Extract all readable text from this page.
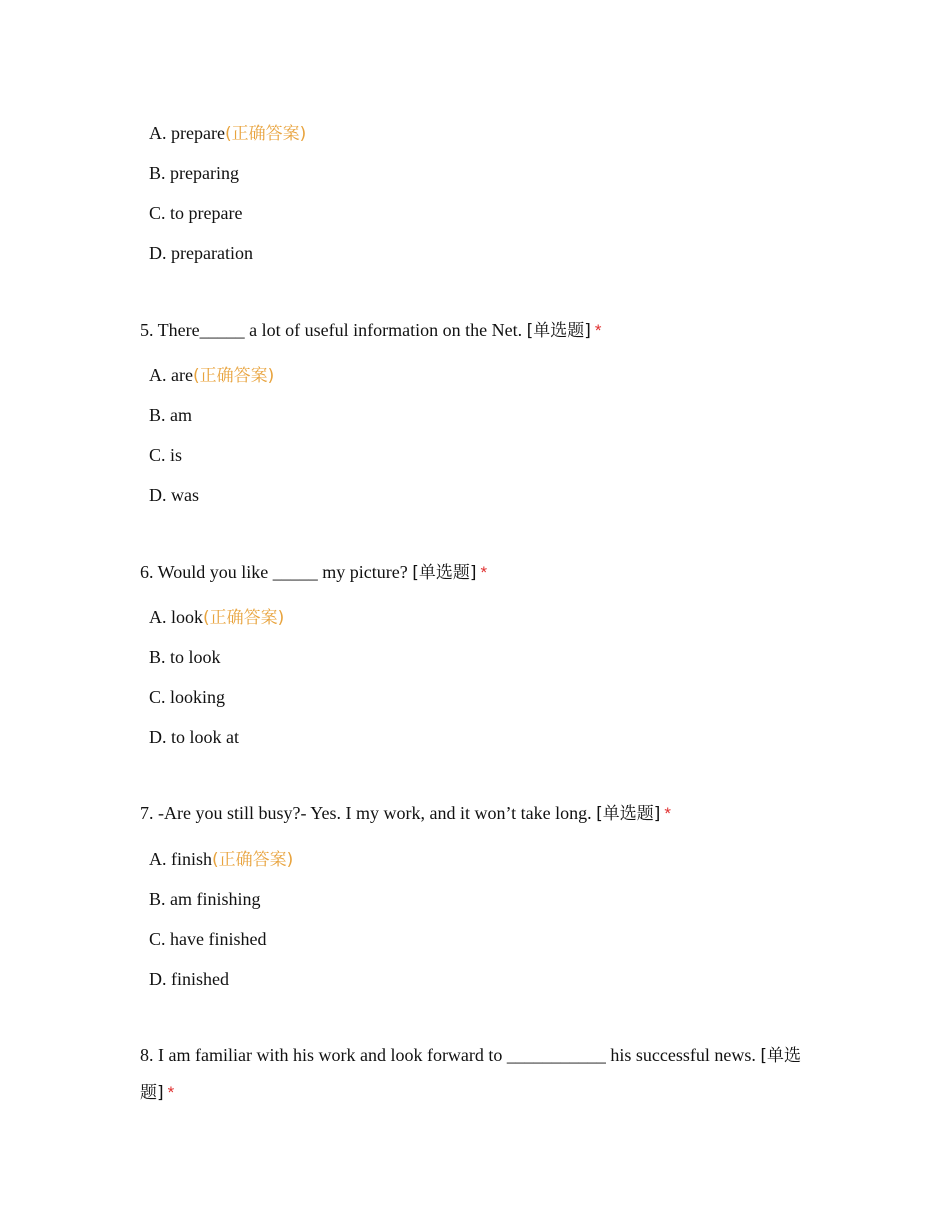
A. prepare(正确答案)

B. preparing

C. to prepare

D. preparation

5. There_____ a lot of useful information on the Net. [单选题] *

A. are(正确答案)

B. am

C. is

D. was

6. Would you like _____ my picture? [单选题] *

A. look(正确答案)

B. to look

C. looking

D. to look at

7. -Are you still busy?- Yes. I my work, and it won’t take long. [单选题] *

A. finish(正确答案)

B. am finishing

C. have finished

D. finished

8. I am familiar with his work and look forward to ___________ his successful news. [单选题] *
